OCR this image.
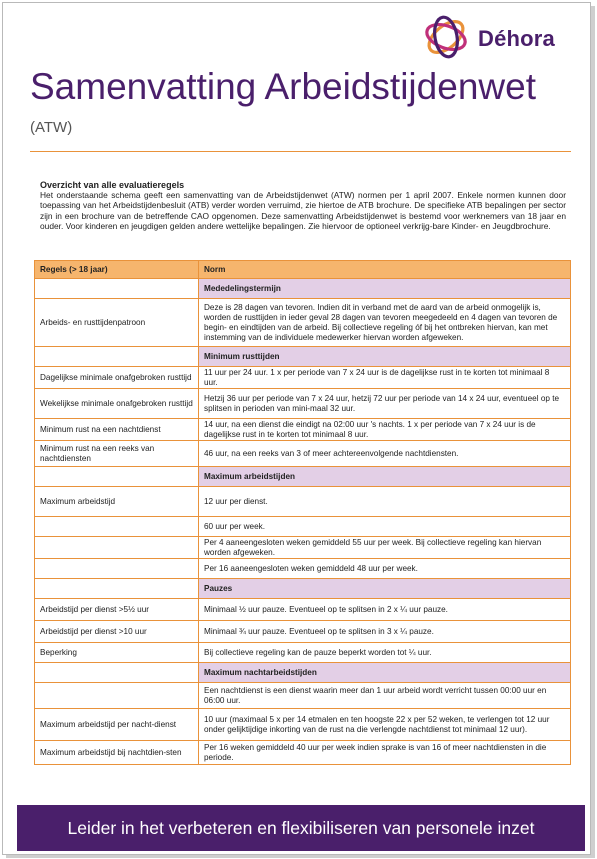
Déhora
Samenvatting Arbeidstijdenwet
(ATW)
Overzicht van alle evaluatieregels
Het onderstaande schema geeft een samenvatting van de Arbeidstijdenwet (ATW) normen per 1 april 2007. Enkele normen kunnen door toepassing van het Arbeidstijdenbesluit (ATB) verder worden verruimd, zie hiertoe de ATB brochure. De specifieke ATB bepalingen per sector zijn in een brochure van de betreffende CAO opgenomen. Deze samenvatting Arbeidstijdenwet is bestemd voor werknemers van 18 jaar en ouder. Voor kinderen en jeugdigen gelden andere wettelijke bepalingen. Zie hiervoor de optioneel verkrijg-bare Kinder- en Jeugdbrochure.
Regels (> 18 jaar)	Norm
	Mededelingstermijn
Arbeids- en rusttijdenpatroon	Deze is 28 dagen van tevoren. Indien dit in verband met de aard van de arbeid onmogelijk is, worden de rusttijden in ieder geval 28 dagen van tevoren meegedeeld en 4 dagen van tevoren de begin- en eindtijden van de arbeid. Bij collectieve regeling óf bij het ontbreken hiervan, kan met instemming van de individuele medewerker hiervan worden afgeweken.
	Minimum rusttijden
Dagelijkse minimale onafgebroken rusttijd	11 uur per 24 uur. 1 x per periode van 7 x 24 uur is de dagelijkse rust in te korten tot minimaal 8 uur.
Wekelijkse minimale onafgebroken rusttijd	Hetzij 36 uur per periode van 7 x 24 uur, hetzij 72 uur per periode van 14 x 24 uur, eventueel op te splitsen in perioden van mini-maal 32 uur.
Minimum rust na een nachtdienst	14 uur, na een dienst die eindigt na 02:00 uur 's nachts. 1 x per periode van 7 x 24 uur is de dagelijkse rust in te korten tot minimaal 8 uur.
Minimum rust na een reeks van nachtdiensten	46 uur, na een reeks van 3 of meer achtereenvolgende nachtdiensten.
	Maximum arbeidstijden
Maximum arbeidstijd	12 uur per dienst.
	60 uur per week.
	Per 4 aaneengesloten weken gemiddeld 55 uur per week. Bij collectieve regeling kan hiervan worden afgeweken.
	Per 16 aaneengesloten weken gemiddeld 48 uur per week.
	Pauzes
Arbeidstijd per dienst >5½ uur	Minimaal ½ uur pauze. Eventueel op te splitsen in 2 x ¼ uur pauze.
Arbeidstijd per dienst >10 uur	Minimaal ¾ uur pauze. Eventueel op te splitsen in 3 x ¼ pauze.
Beperking	Bij collectieve regeling kan de pauze beperkt worden tot ¼ uur.
	Maximum nachtarbeidstijden
	Een nachtdienst is een dienst waarin meer dan 1 uur arbeid wordt verricht tussen 00:00 uur en 06:00 uur.
Maximum arbeidstijd per nacht-dienst	10 uur (maximaal 5 x per 14 etmalen en ten hoogste 22 x per 52 weken, te verlengen tot 12 uur onder gelijktijdige inkorting van de rust na die verlengde nachtdienst tot minimaal 12 uur).
Maximum arbeidstijd bij nachtdien-sten	Per 16 weken gemiddeld 40 uur per week indien sprake is van 16 of meer nachtdiensten in die periode.
Leider in het verbeteren en flexibiliseren van personele inzet
